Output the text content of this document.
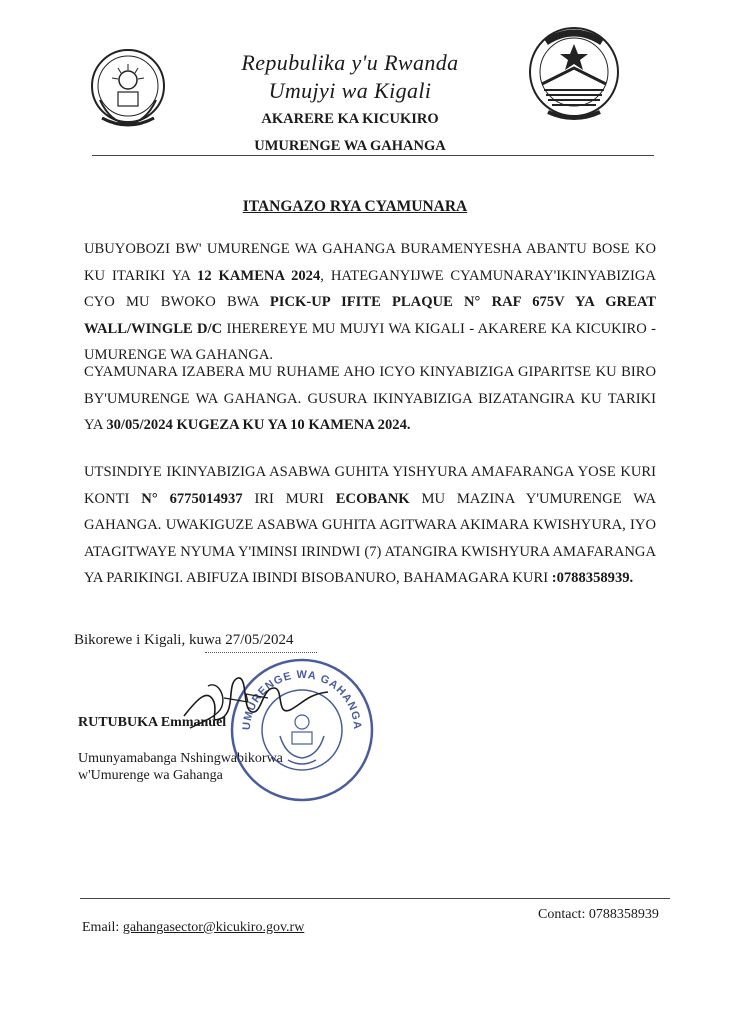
Repubulika y'u Rwanda
Umujyi wa Kigali
AKARERE KA KICUKIRO
UMURENGE WA GAHANGA
ITANGAZO RYA CYAMUNARA
UBUYOBOZI BW' UMURENGE WA GAHANGA BURAMENYESHA ABANTU BOSE KO KU ITARIKI YA 12 KAMENA 2024, HATEGANYIJWE CYAMUNARAY'IKINYABIZIGA CYO MU BWOKO BWA PICK-UP IFITE PLAQUE N° RAF 675V YA GREAT WALL/WINGLE D/C IHEREREYE MU MUJYI WA KIGALI - AKARERE KA KICUKIRO - UMURENGE WA GAHANGA.
CYAMUNARA IZABERA MU RUHAME AHO ICYO KINYABIZIGA GIPARITSE KU BIRO BY'UMURENGE WA GAHANGA. GUSURA IKINYABIZIGA BIZATANGIRA KU TARIKI YA 30/05/2024 KUGEZA KU YA 10 KAMENA 2024.
UTSINDIYE IKINYABIZIGA ASABWA GUHITA YISHYURA AMAFARANGA YOSE KURI KONTI N° 6775014937 IRI MURI ECOBANK MU MAZINA Y'UMURENGE WA GAHANGA. UWAKIGUZE ASABWA GUHITA AGITWARA AKIMARA KWISHYURA, IYO ATAGITWAYE NYUMA Y'IMINSI IRINDWI (7) ATANGIRA KWISHYURA AMAFARANGA YA PARIKINGI. ABIFUZA IBINDI BISOBANURO, BAHAMAGARA KURI :0788358939.
Bikorewe i Kigali, kuwa 27/05/2024
RUTUBUKA Emmanuel
Umunyamabanga Nshingwabikorwa
w'Umurenge wa Gahanga
UMURENGE WA GAHANGA
Email: gahangasector@kicukiro.gov.rw
Contact: 0788358939
